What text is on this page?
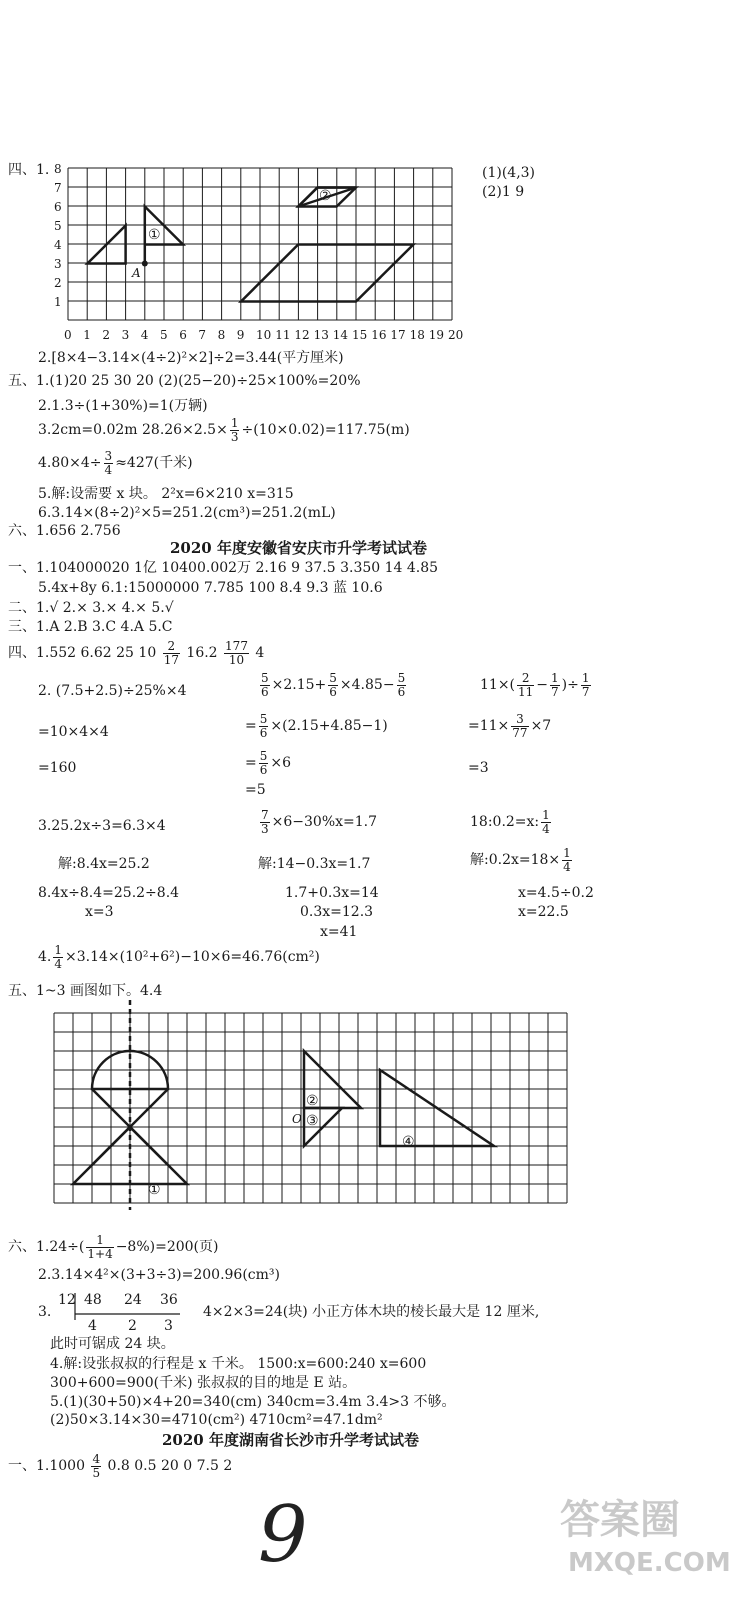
四、1. 8
7
6
5
4
3
2
1
A
①
②
0 1 2 3 4 5 6 7 8 9 10 11 12 13 14 15 16 17 18 19 20
(1)(4,3)
(2)1 9
2.[8×4−3.14×(4÷2)²×2]÷2=3.44(平方厘米)
五、1.(1)20 25 30 20 (2)(25−20)÷25×100%=20%
2.1.3÷(1+30%)=1(万辆)
3.2cm=0.02m $28.26\times 2.5\times \frac{1}{3} \div(10\times 0.02)=117.75(m)$
$4.80\times 4\div \frac{3}{4} \approx 427$(千米)
5.解:设需要 x 块。 2²x=6×210 x=315
6.3.14×(8÷2)²×5=251.2(cm³)=251.2(mL)
六、1.656 2.756
2020 年度安徽省安庆市升学考试试卷
一、1.104000020 1亿 10400.002万 2.16 9 37.5 3.350 14 4.85
5.4x+8y 6.1:15000000 7.785 100 8.4 9.3 蓝 10.6
二、1.√ 2.× 3.× 4.× 5.√
三、1.A 2.B 3.C 4.A 5.C
四、1.552 6.62 25 $10 \frac{2}{17} 16.2 \frac{177}{10} 4$
2. (7.5+2.5)÷25%×4
=10×4×4
=160
$\frac{5}{6} \times 2.15+ \frac{5}{6} \times 4.85- \frac{5}{6}$
= $\frac{5}{6} \times(2.15+4.85-1)$
= $\frac{5}{6} \times 6$
=5
$11\times( \frac{2}{11} - \frac{1}{7}$ )÷ $\frac{1}{7}$
$=11\times \frac{3}{77} \times 7$
=3
3.25.2x÷3=6.3×4
解:8.4x=25.2
8.4x÷8.4=25.2÷8.4
x=3
$\frac{7}{3} \times 6-30\%x=1.7$
解:14−0.3x=1.7
1.7+0.3x=14
0.3x=12.3
x=41
18:0.2=x: $\frac{1}{4}$
解:0.2x=18× $\frac{1}{4}$
x=4.5÷0.2
x=22.5
4. $\frac{1}{4} \times 3.14\times(10^2+6^2)-10\times 6=46.76(cm^2)$
五、1~3 画图如下。4.4
①
②
③
④
O
六、$1.24\div( \frac{1}{1+4} -8\%)=200$(页)
2.3.14×4²×(3+3÷3)=200.96(cm³)
3.
12 48 24 36
4 2 3
4×2×3=24(块) 小正方体木块的棱长最大是 12 厘米,
此时可锯成 24 块。
4.解:设张叔叔的行程是 x 千米。 1500:x=600:240 x=600
300+600=900(千米) 张叔叔的目的地是 E 站。
5.(1)(30+50)×4+20=340(cm) 340cm=3.4m 3.4>3 不够。
(2)50×3.14×30=4710(cm²) 4710cm²=47.1dm²
2020 年度湖南省长沙市升学考试试卷
一、$1.1000 \frac{4}{5} 0.8$ 0.5 20 0 7.5 2
9	答案圈
MXQE.COM
